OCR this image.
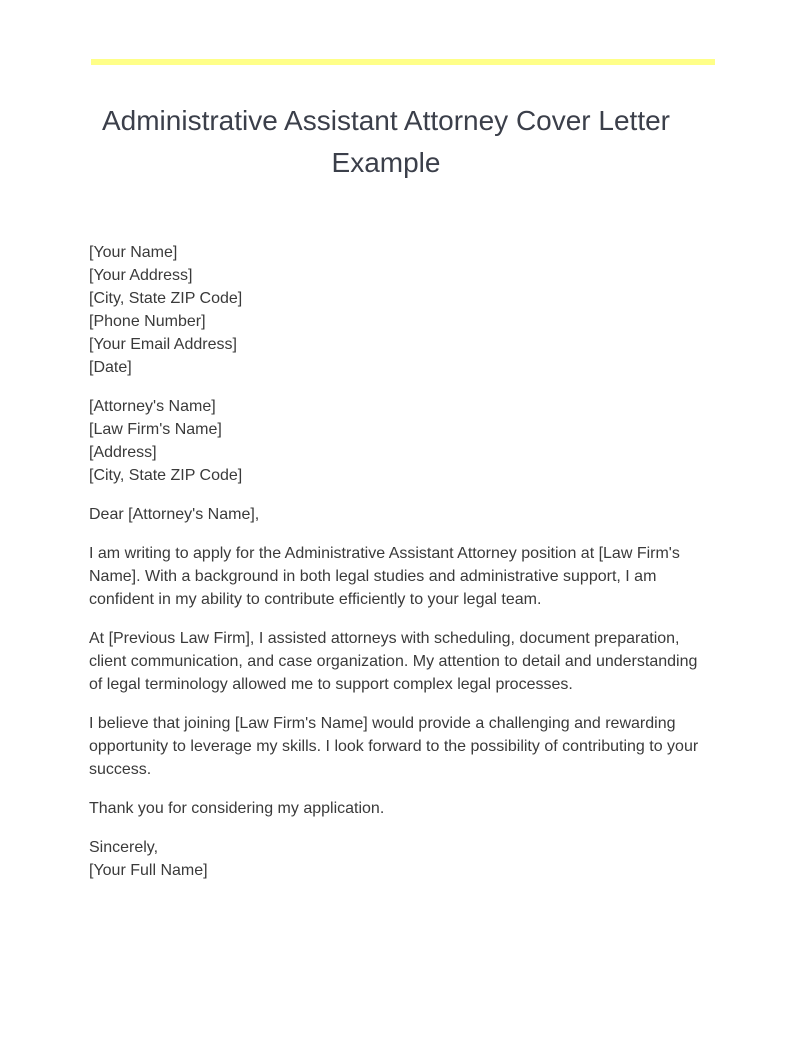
Administrative Assistant Attorney Cover Letter Example
[Your Name]
[Your Address]
[City, State ZIP Code]
[Phone Number]
[Your Email Address]
[Date]
[Attorney's Name]
[Law Firm's Name]
[Address]
[City, State ZIP Code]

Dear [Attorney's Name],

I am writing to apply for the Administrative Assistant Attorney position at [Law Firm's Name]. With a background in both legal studies and administrative support, I am confident in my ability to contribute efficiently to your legal team.

At [Previous Law Firm], I assisted attorneys with scheduling, document preparation, client communication, and case organization. My attention to detail and understanding of legal terminology allowed me to support complex legal processes.

I believe that joining [Law Firm's Name] would provide a challenging and rewarding opportunity to leverage my skills. I look forward to the possibility of contributing to your success.

Thank you for considering my application.

Sincerely,
[Your Full Name]
